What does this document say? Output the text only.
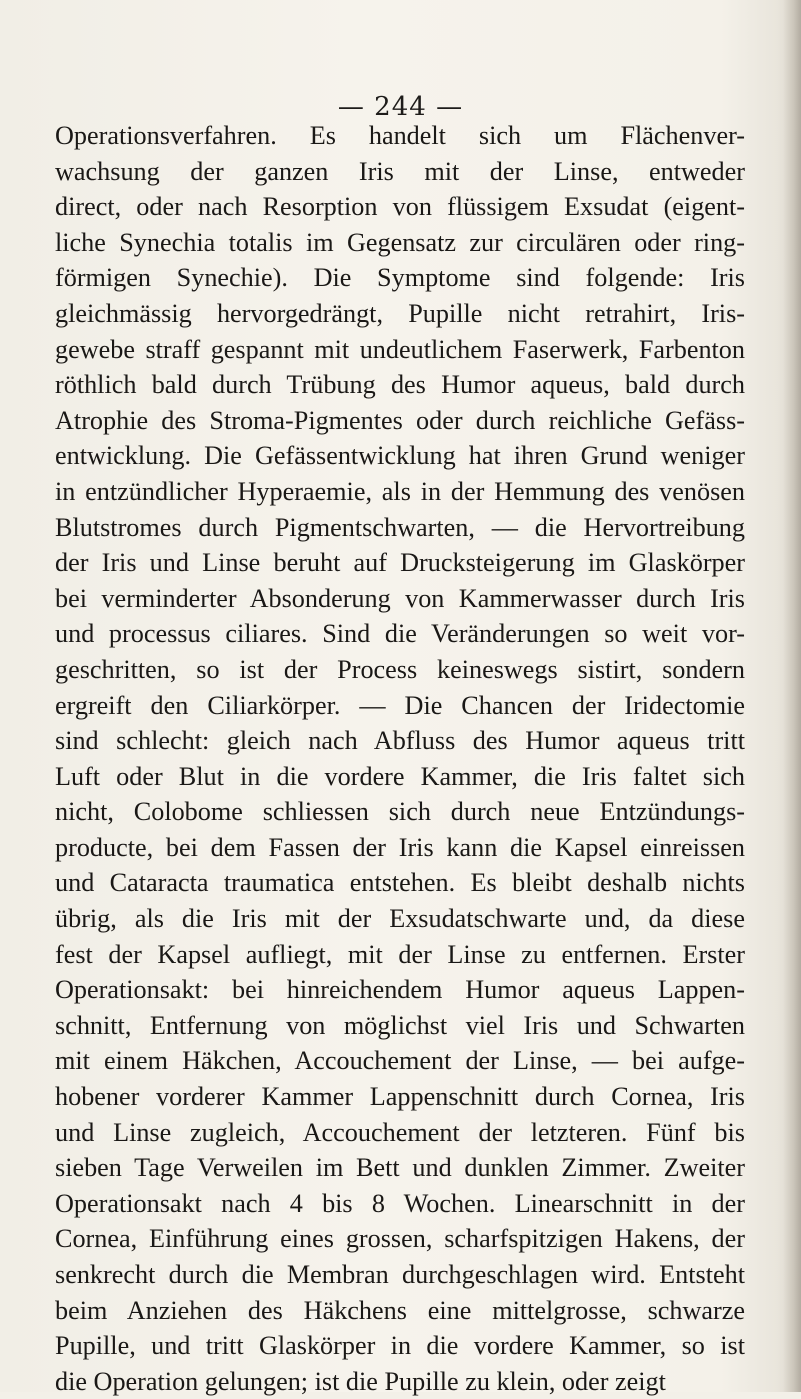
— 244 —
Operationsverfahren. Es handelt sich um Flächenver-
wachsung der ganzen Iris mit der Linse, entweder
direct, oder nach Resorption von flüssigem Exsudat (eigent-
liche Synechia totalis im Gegensatz zur circulären oder ring-
förmigen Synechie). Die Symptome sind folgende: Iris
gleichmässig hervorgedrängt, Pupille nicht retrahirt, Iris-
gewebe straff gespannt mit undeutlichem Faserwerk, Farbenton
röthlich bald durch Trübung des Humor aqueus, bald durch
Atrophie des Stroma-Pigmentes oder durch reichliche Gefäss-
entwicklung. Die Gefässentwicklung hat ihren Grund weniger
in entzündlicher Hyperaemie, als in der Hemmung des venösen
Blutstromes durch Pigmentschwarten, — die Hervortreibung
der Iris und Linse beruht auf Drucksteigerung im Glaskörper
bei verminderter Absonderung von Kammerwasser durch Iris
und processus ciliares. Sind die Veränderungen so weit vor-
geschritten, so ist der Process keineswegs sistirt, sondern
ergreift den Ciliarkörper. — Die Chancen der Iridectomie
sind schlecht: gleich nach Abfluss des Humor aqueus tritt
Luft oder Blut in die vordere Kammer, die Iris faltet sich
nicht, Colobome schliessen sich durch neue Entzündungs-
producte, bei dem Fassen der Iris kann die Kapsel einreissen
und Cataracta traumatica entstehen. Es bleibt deshalb nichts
übrig, als die Iris mit der Exsudatschwarte und, da diese
fest der Kapsel aufliegt, mit der Linse zu entfernen. Erster
Operationsakt: bei hinreichendem Humor aqueus Lappen-
schnitt, Entfernung von möglichst viel Iris und Schwarten
mit einem Häkchen, Accouchement der Linse, — bei aufge-
hobener vorderer Kammer Lappenschnitt durch Cornea, Iris
und Linse zugleich, Accouchement der letzteren. Fünf bis
sieben Tage Verweilen im Bett und dunklen Zimmer. Zweiter
Operationsakt nach 4 bis 8 Wochen. Linearschnitt in der
Cornea, Einführung eines grossen, scharfspitzigen Hakens, der
senkrecht durch die Membran durchgeschlagen wird. Entsteht
beim Anziehen des Häkchens eine mittelgrosse, schwarze
Pupille, und tritt Glaskörper in die vordere Kammer, so ist
die Operation gelungen; ist die Pupille zu klein, oder zeigt
